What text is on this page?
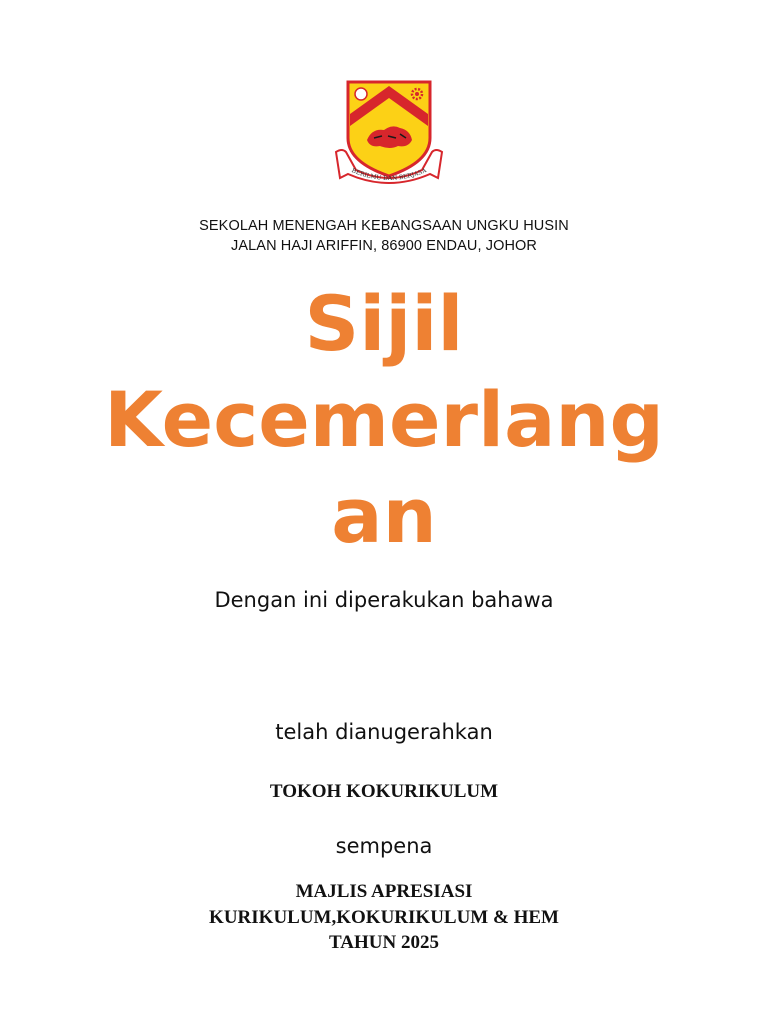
BERILMU DAN BERJASA
SEKOLAH MENENGAH KEBANGSAAN UNGKU HUSIN
JALAN HAJI ARIFFIN, 86900 ENDAU, JOHOR
Sijil
Kecemerlang
an
Dengan ini diperakukan bahawa
telah dianugerahkan
TOKOH KOKURIKULUM
sempena
MAJLIS APRESIASI
KURIKULUM,KOKURIKULUM & HEM
TAHUN 2025
